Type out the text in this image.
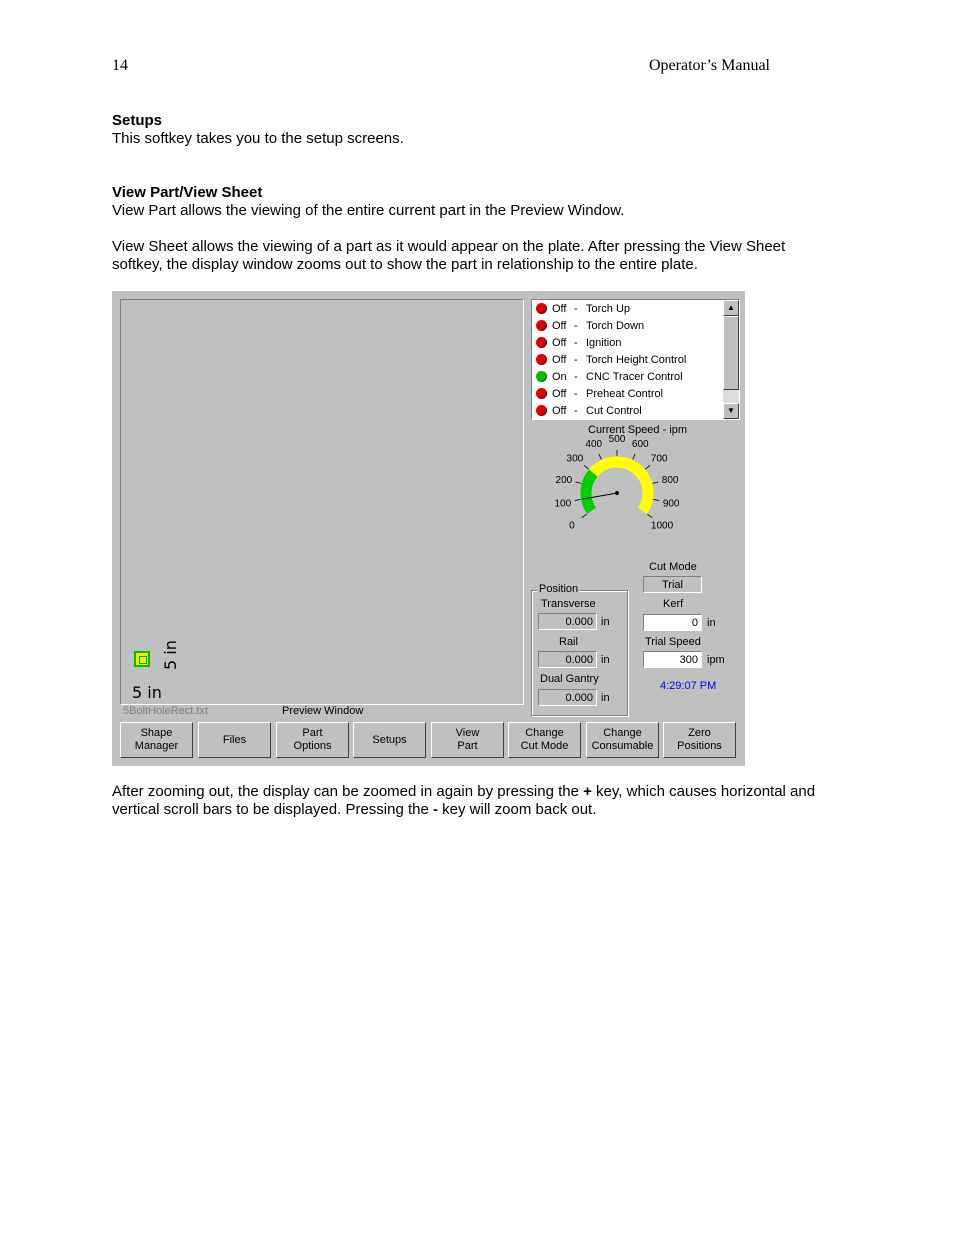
14	Operator’s Manual
Setups
This softkey takes you to the setup screens.
View Part/View Sheet
View Part allows the viewing of the entire current part in the Preview Window.
View Sheet allows the viewing of a part as it would appear on the plate. After pressing the View Sheet softkey, the display window zooms out to show the part in relationship to the entire plate.
5 in
5 in
5BoltHoleRect.txt	Preview Window
Off - Torch Up
Off - Torch Down
Off - Ignition
Off - Torch Height Control
On - CNC Tracer Control
Off - Preheat Control
Off - Cut Control
▲
▼
Current Speed - ipm
0
100
200
300
400 500 600
700
800
900
1000
Position
Transverse
0.000 in
Rail
0.000 in
Dual Gantry
0.000 in
Cut Mode
Trial
Kerf
0 in
Trial Speed
300 ipm
4:29:07 PM
Shape
Manager
Files
Part
Options
Setups
View
Part
Change
Cut Mode
Change
Consumable
Zero
Positions
After zooming out, the display can be zoomed in again by pressing the + key, which causes horizontal and vertical scroll bars to be displayed. Pressing the - key will zoom back out.
